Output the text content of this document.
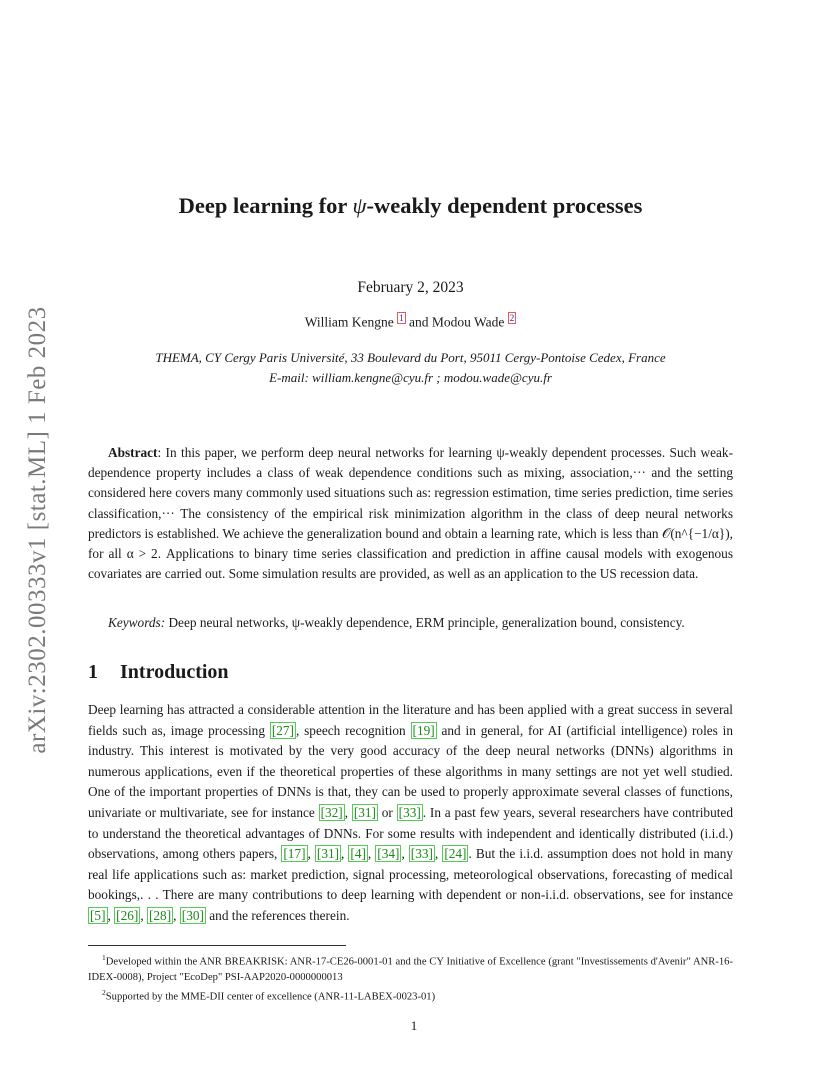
arXiv:2302.00333v1 [stat.ML] 1 Feb 2023
Deep learning for ψ-weakly dependent processes
February 2, 2023
William Kengne $^1$ and Modou Wade $^2$
THEMA, CY Cergy Paris Université, 33 Boulevard du Port, 95011 Cergy-Pontoise Cedex, France
E-mail: william.kengne@cyu.fr ; modou.wade@cyu.fr
Abstract: In this paper, we perform deep neural networks for learning ψ-weakly dependent processes. Such weak-dependence property includes a class of weak dependence conditions such as mixing, association,··· and the setting considered here covers many commonly used situations such as: regression estimation, time series prediction, time series classification,··· The consistency of the empirical risk minimization algorithm in the class of deep neural networks predictors is established. We achieve the generalization bound and obtain a learning rate, which is less than 𝒪(n^{−1/α}), for all α > 2. Applications to binary time series classification and prediction in affine causal models with exogenous covariates are carried out. Some simulation results are provided, as well as an application to the US recession data.
Keywords: Deep neural networks, ψ-weakly dependence, ERM principle, generalization bound, consistency.
1 Introduction
Deep learning has attracted a considerable attention in the literature and has been applied with a great success in several fields such as, image processing [27] , speech recognition [19] and in general, for AI (artificial intelligence) roles in industry. This interest is motivated by the very good accuracy of the deep neural networks (DNNs) algorithms in numerous applications, even if the theoretical properties of these algorithms in many settings are not yet well studied. One of the important properties of DNNs is that, they can be used to properly approximate several classes of functions, univariate or multivariate, see for instance [32] , [31] or [33] . In a past few years, several researchers have contributed to understand the theoretical advantages of DNNs. For some results with independent and identically distributed (i.i.d.) observations, among others papers, [17] , [31] , [4] , [34] , [33] , [24] . But the i.i.d. assumption does not hold in many real life applications such as: market prediction, signal processing, meteorological observations, forecasting of medical bookings,. . . There are many contributions to deep learning with dependent or non-i.i.d. observations, see for instance [5] , [26] , [28] , [30] and the references therein.

$^1$Developed within the ANR BREAKRISK: ANR-17-CE26-0001-01 and the CY Initiative of Excellence (grant "Investissements d'Avenir" ANR-16-IDEX-0008), Project "EcoDep" PSI-AAP2020-0000000013

$^2$Supported by the MME-DII center of excellence (ANR-11-LABEX-0023-01)

1
